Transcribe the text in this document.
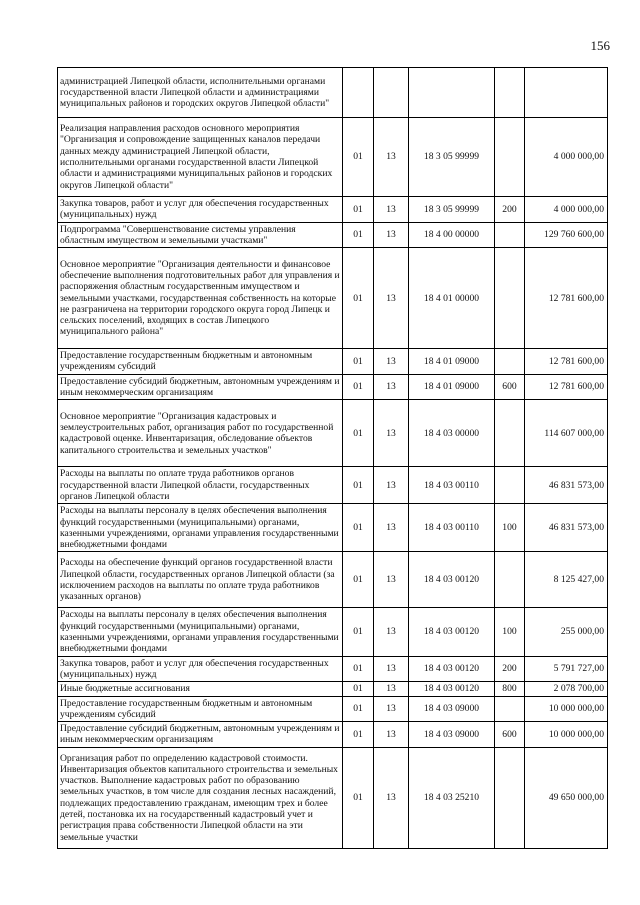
156
администрацией Липецкой области, исполнительными органами государственной власти Липецкой области и администрациями муниципальных районов и городских округов Липецкой области"					
Реализация направления расходов основного мероприятия "Организация и сопровождение защищенных каналов передачи данных между администрацией Липецкой области, исполнительными органами государственной власти Липецкой области и администрациями муниципальных районов и городских округов Липецкой области"	01	13	18 3 05 99999		4 000 000,00
Закупка товаров, работ и услуг для обеспечения государственных (муниципальных) нужд	01	13	18 3 05 99999	200	4 000 000,00
Подпрограмма "Совершенствование системы управления областным имуществом и земельными участками"	01	13	18 4 00 00000		129 760 600,00
Основное мероприятие "Организация деятельности и финансовое обеспечение выполнения подготовительных работ для управления и распоряжения областным государственным имуществом и земельными участками, государственная собственность на которые не разграничена на территории городского округа город Липецк и сельских поселений, входящих в состав Липецкого муниципального района"	01	13	18 4 01 00000		12 781 600,00
Предоставление государственным бюджетным и автономным учреждениям субсидий	01	13	18 4 01 09000		12 781 600,00
Предоставление субсидий бюджетным, автономным учреждениям и иным некоммерческим организациям	01	13	18 4 01 09000	600	12 781 600,00
Основное мероприятие "Организация кадастровых и землеустроительных работ, организация работ по государственной кадастровой оценке. Инвентаризация, обследование объектов капитального строительства и земельных участков"	01	13	18 4 03 00000		114 607 000,00
Расходы на выплаты по оплате труда работников органов государственной власти Липецкой области, государственных органов Липецкой области	01	13	18 4 03 00110		46 831 573,00
Расходы на выплаты персоналу в целях обеспечения выполнения функций государственными (муниципальными) органами, казенными учреждениями, органами управления государственными внебюджетными фондами	01	13	18 4 03 00110	100	46 831 573,00
Расходы на обеспечение функций органов государственной власти Липецкой области, государственных органов Липецкой области (за исключением расходов на выплаты по оплате труда работников указанных органов)	01	13	18 4 03 00120		8 125 427,00
Расходы на выплаты персоналу в целях обеспечения выполнения функций государственными (муниципальными) органами, казенными учреждениями, органами управления государственными внебюджетными фондами	01	13	18 4 03 00120	100	255 000,00
Закупка товаров, работ и услуг для обеспечения государственных (муниципальных) нужд	01	13	18 4 03 00120	200	5 791 727,00
Иные бюджетные ассигнования	01	13	18 4 03 00120	800	2 078 700,00
Предоставление государственным бюджетным и автономным учреждениям субсидий	01	13	18 4 03 09000		10 000 000,00
Предоставление субсидий бюджетным, автономным учреждениям и иным некоммерческим организациям	01	13	18 4 03 09000	600	10 000 000,00
Организация работ по определению кадастровой стоимости. Инвентаризация объектов капитального строительства и земельных участков. Выполнение кадастровых работ по образованию земельных участков, в том числе для создания лесных насаждений, подлежащих предоставлению гражданам, имеющим трех и более детей, постановка их на государственный кадастровый учет и регистрация права собственности Липецкой области на эти земельные участки	01	13	18 4 03 25210		49 650 000,00
